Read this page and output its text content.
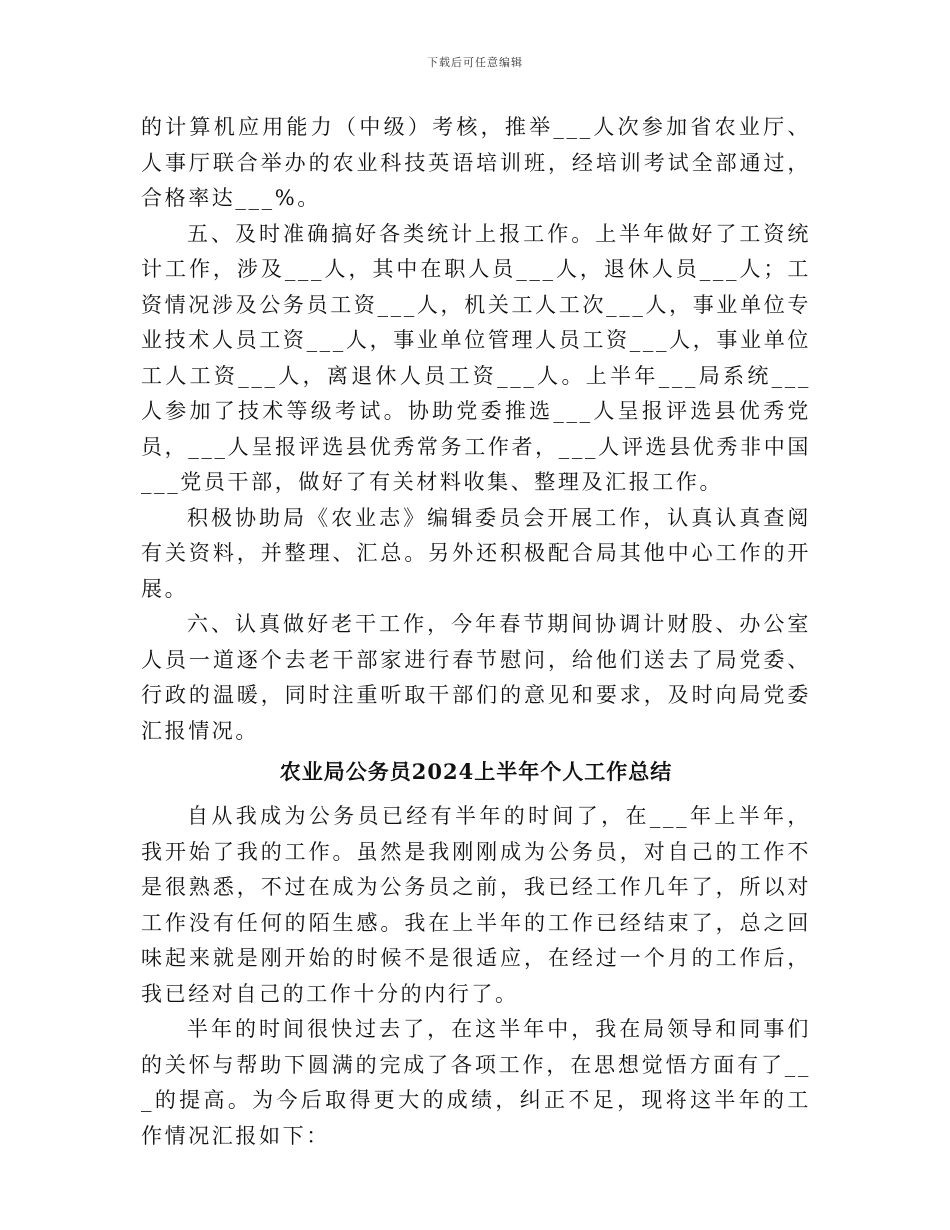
下载后可任意编辑

的计算机应用能力（中级）考核，推举___人次参加省农业厅、人事厅联合举办的农业科技英语培训班，经培训考试全部通过，合格率达___%。

五、及时准确搞好各类统计上报工作。上半年做好了工资统计工作，涉及___人，其中在职人员___人，退休人员___人；工资情况涉及公务员工资___人，机关工人工次___人，事业单位专业技术人员工资___人，事业单位管理人员工资___人，事业单位工人工资___人，离退休人员工资___人。上半年___局系统___人参加了技术等级考试。协助党委推选___人呈报评选县优秀党员，___人呈报评选县优秀常务工作者，___人评选县优秀非中国___党员干部，做好了有关材料收集、整理及汇报工作。

积极协助局《农业志》编辑委员会开展工作，认真认真查阅有关资料，并整理、汇总。另外还积极配合局其他中心工作的开展。

六、认真做好老干工作，今年春节期间协调计财股、办公室人员一道逐个去老干部家进行春节慰问，给他们送去了局党委、行政的温暖，同时注重听取干部们的意见和要求，及时向局党委汇报情况。

农业局公务员2024上半年个人工作总结

自从我成为公务员已经有半年的时间了，在___年上半年，我开始了我的工作。虽然是我刚刚成为公务员，对自己的工作不是很熟悉，不过在成为公务员之前，我已经工作几年了，所以对工作没有任何的陌生感。我在上半年的工作已经结束了，总之回味起来就是刚开始的时候不是很适应，在经过一个月的工作后，我已经对自己的工作十分的内行了。

半年的时间很快过去了，在这半年中，我在局领导和同事们的关怀与帮助下圆满的完成了各项工作，在思想觉悟方面有了___的提高。为今后取得更大的成绩，纠正不足，现将这半年的工作情况汇报如下：
